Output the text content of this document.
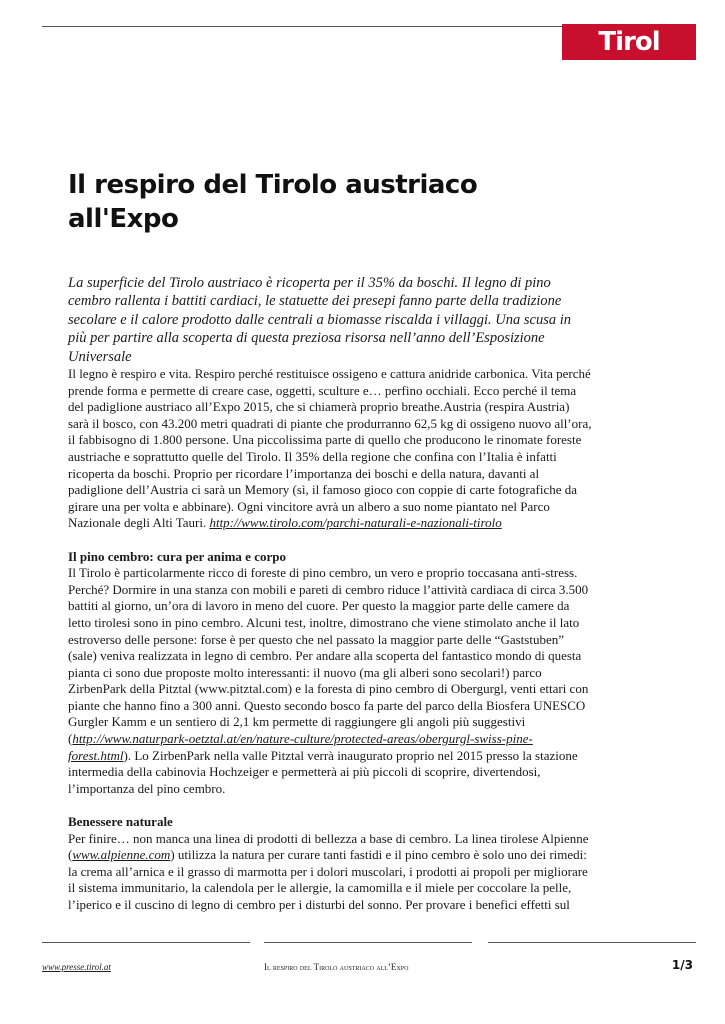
Tirol
Il respiro del Tirolo austriaco all'Expo

La superficie del Tirolo austriaco è ricoperta per il 35% da boschi. Il legno di pino cembro rallenta i battiti cardiaci, le statuette dei presepi fanno parte della tradizione secolare e il calore prodotto dalle centrali a biomasse riscalda i villaggi. Una scusa in più per partire alla scoperta di questa preziosa risorsa nell’anno dell’Esposizione Universale

Il legno è respiro e vita. Respiro perché restituisce ossigeno e cattura anidride carbonica. Vita perché prende forma e permette di creare case, oggetti, sculture e… perfino occhiali. Ecco perché il tema del padiglione austriaco all’Expo 2015, che si chiamerà proprio breathe.Austria (respira Austria) sarà il bosco, con 43.200 metri quadrati di piante che produrranno 62,5 kg di ossigeno nuovo all’ora, il fabbisogno di 1.800 persone. Una piccolissima parte di quello che producono le rinomate foreste austriache e soprattutto quelle del Tirolo. Il 35% della regione che confina con l’Italia è infatti ricoperta da boschi. Proprio per ricordare l’importanza dei boschi e della natura, davanti al padiglione dell’Austria ci sarà un Memory (sì, il famoso gioco con coppie di carte fotografiche da girare una per volta e abbinare). Ogni vincitore avrà un albero a suo nome piantato nel Parco Nazionale degli Alti Tauri. http://www.tirolo.com/parchi-naturali-e-nazionali-tirolo

Il pino cembro: cura per anima e corpo

Il Tirolo è particolarmente ricco di foreste di pino cembro, un vero e proprio toccasana anti-stress. Perché? Dormire in una stanza con mobili e pareti di cembro riduce l’attività cardiaca di circa 3.500 battiti al giorno, un’ora di lavoro in meno del cuore. Per questo la maggior parte delle camere da letto tirolesi sono in pino cembro. Alcuni test, inoltre, dimostrano che viene stimolato anche il lato estroverso delle persone: forse è per questo che nel passato la maggior parte delle “Gaststuben” (sale) veniva realizzata in legno di cembro. Per andare alla scoperta del fantastico mondo di questa pianta ci sono due proposte molto interessanti: il nuovo (ma gli alberi sono secolari!) parco ZirbenPark della Pitztal (www.pitztal.com) e la foresta di pino cembro di Obergurgl, venti ettari con piante che hanno fino a 300 anni. Questo secondo bosco fa parte del parco della Biosfera UNESCO Gurgler Kamm e un sentiero di 2,1 km permette di raggiungere gli angoli più suggestivi (http://www.naturpark-oetztal.at/en/nature-culture/protected-areas/obergurgl-swiss-pine-forest.html). Lo ZirbenPark nella valle Pitztal verrà inaugurato proprio nel 2015 presso la stazione intermedia della cabinovia Hochzeiger e permetterà ai più piccoli di scoprire, divertendosi, l’importanza del pino cembro.

Benessere naturale

Per finire… non manca una linea di prodotti di bellezza a base di cembro. La linea tirolese Alpienne (www.alpienne.com) utilizza la natura per curare tanti fastidi e il pino cembro è solo uno dei rimedi: la crema all’arnica e il grasso di marmotta per i dolori muscolari, i prodotti ai propoli per migliorare il sistema immunitario, la calendola per le allergie, la camomilla e il miele per coccolare la pelle, l’iperico e il cuscino di legno di cembro per i disturbi del sonno. Per provare i benefici effetti sul

www.presse.tirol.at	Il respiro del Tirolo austriaco all’Expo	1/3
